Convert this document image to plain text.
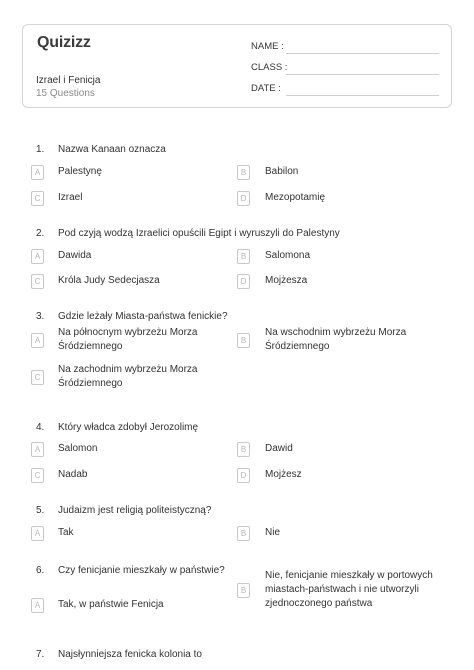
Quizizz
Izrael i Fenicja
15 Questions
NAME :
CLASS :
DATE :
1. Nazwa Kanaan oznacza
A	Palestynę	B	Babilon
C	Izrael	D	Mezopotamię
2. Pod czyją wodzą Izraelici opuścili Egipt i wyruszyli do Palestyny
A	Dawida	B	Salomona
C	Króla Judy Sedecjasza	D	Mojżesza
3. Gdzie leżały Miasta-państwa fenickie?
A
Na północnym wybrzeżu Morza
Śródziemnego
B
Na wschodnim wybrzeżu Morza
Śródziemnego
C
Na zachodnim wybrzeżu Morza
Śródziemnego
4. Który władca zdobył Jerozolimę
A	Salomon	B	Dawid
C	Nadab	D	Mojżesz
5. Judaizm jest religią politeistyczną?
A	Tak	B	Nie
6. Czy fenicjanie mieszkały w państwie?
A	Tak, w państwie Fenicja
B
Nie, fenicjanie mieszkały w portowych
miastach-państwach i nie utworzyli
zjednoczonego państwa
7. Najsłynniejsza fenicka kolonia to
